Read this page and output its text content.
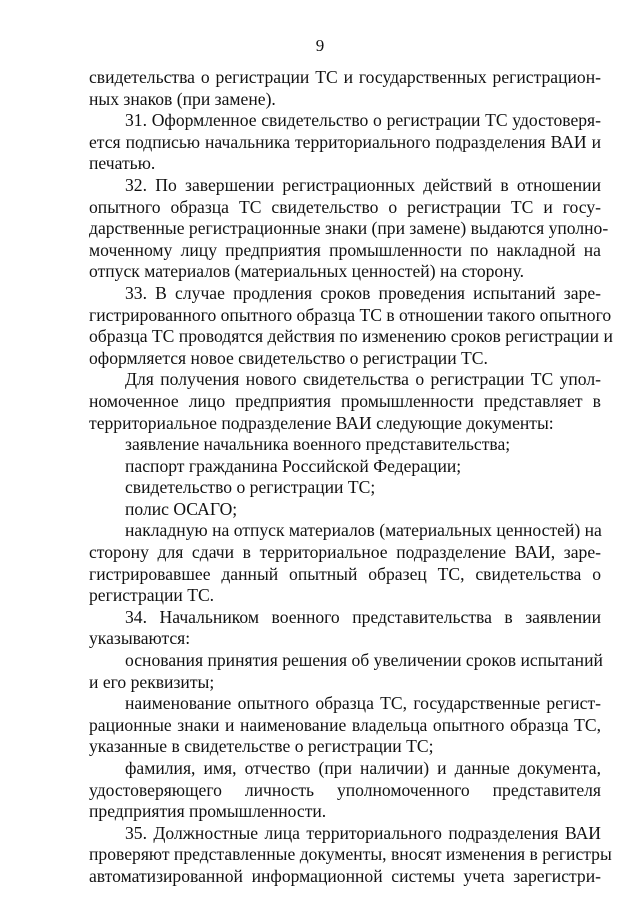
9
свидетельства о регистрации ТС и государственных регистрацион-
ных знаков (при замене).
31. Оформленное свидетельство о регистрации ТС удостоверя-
ется подписью начальника территориального подразделения ВАИ и
печатью.
32. По завершении регистрационных действий в отношении
опытного образца ТС свидетельство о регистрации ТС и госу-
дарственные регистрационные знаки (при замене) выдаются уполно-
моченному лицу предприятия промышленности по накладной на
отпуск материалов (материальных ценностей) на сторону.
33. В случае продления сроков проведения испытаний заре-
гистрированного опытного образца ТС в отношении такого опытного
образца ТС проводятся действия по изменению сроков регистрации и
оформляется новое свидетельство о регистрации ТС.
Для получения нового свидетельства о регистрации ТС упол-
номоченное лицо предприятия промышленности представляет в
территориальное подразделение ВАИ следующие документы:
заявление начальника военного представительства;
паспорт гражданина Российской Федерации;
свидетельство о регистрации ТС;
полис ОСАГО;
накладную на отпуск материалов (материальных ценностей) на
сторону для сдачи в территориальное подразделение ВАИ, заре-
гистрировавшее данный опытный образец ТС, свидетельства о
регистрации ТС.
34. Начальником военного представительства в заявлении
указываются:
основания принятия решения об увеличении сроков испытаний
и его реквизиты;
наименование опытного образца ТС, государственные регист-
рационные знаки и наименование владельца опытного образца ТС,
указанные в свидетельстве о регистрации ТС;
фамилия, имя, отчество (при наличии) и данные документа,
удостоверяющего личность уполномоченного представителя
предприятия промышленности.
35. Должностные лица территориального подразделения ВАИ
проверяют представленные документы, вносят изменения в регистры
автоматизированной информационной системы учета зарегистри-
